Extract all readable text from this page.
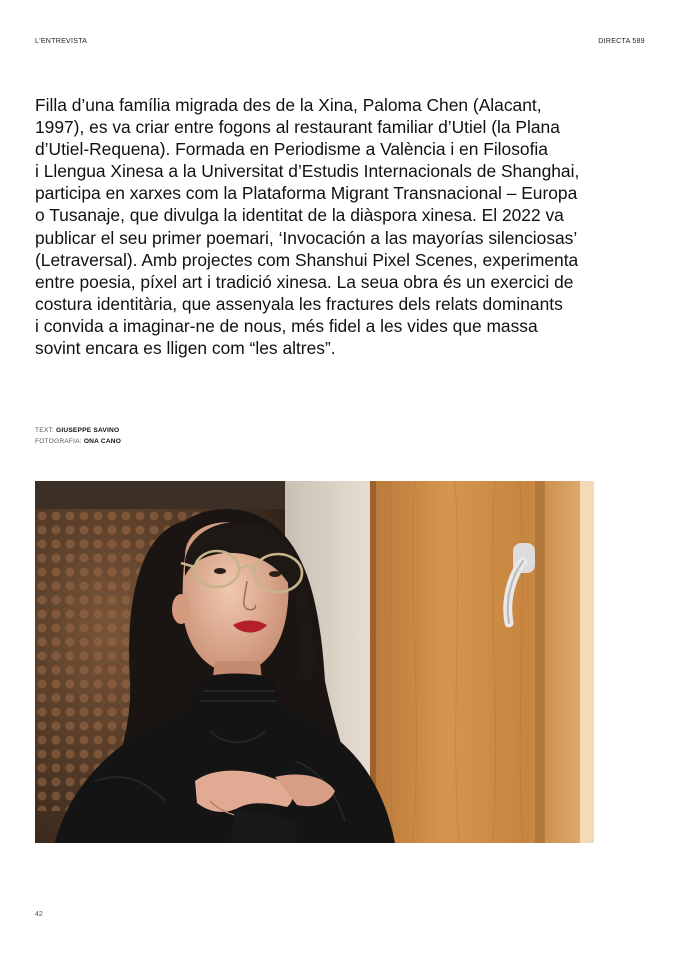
L'ENTREVISTA	DIRECTA 589

Filla d’una família migrada des de la Xina, Paloma Chen (Alacant,
1997), es va criar entre fogons al restaurant familiar d’Utiel (la Plana
d’Utiel-Requena). Formada en Periodisme a València i en Filosofia
i Llengua Xinesa a la Universitat d’Estudis Internacionals de Shanghai,
participa en xarxes com la Plataforma Migrant Transnacional – Europa
o Tusanaje, que divulga la identitat de la diàspora xinesa. El 2022 va
publicar el seu primer poemari, ‘Invocación a las mayorías silenciosas’
(Letraversal). Amb projectes com Shanshui Pixel Scenes, experimenta
entre poesia, píxel art i tradició xinesa. La seua obra és un exercici de
costura identitària, que assenyala les fractures dels relats dominants
i convida a imaginar-ne de nous, més fidel a les vides que massa
sovint encara es lligen com “les altres”.

TEXT: GIUSEPPE SAVINO
FOTOGRAFIA: ONA CANO
42
